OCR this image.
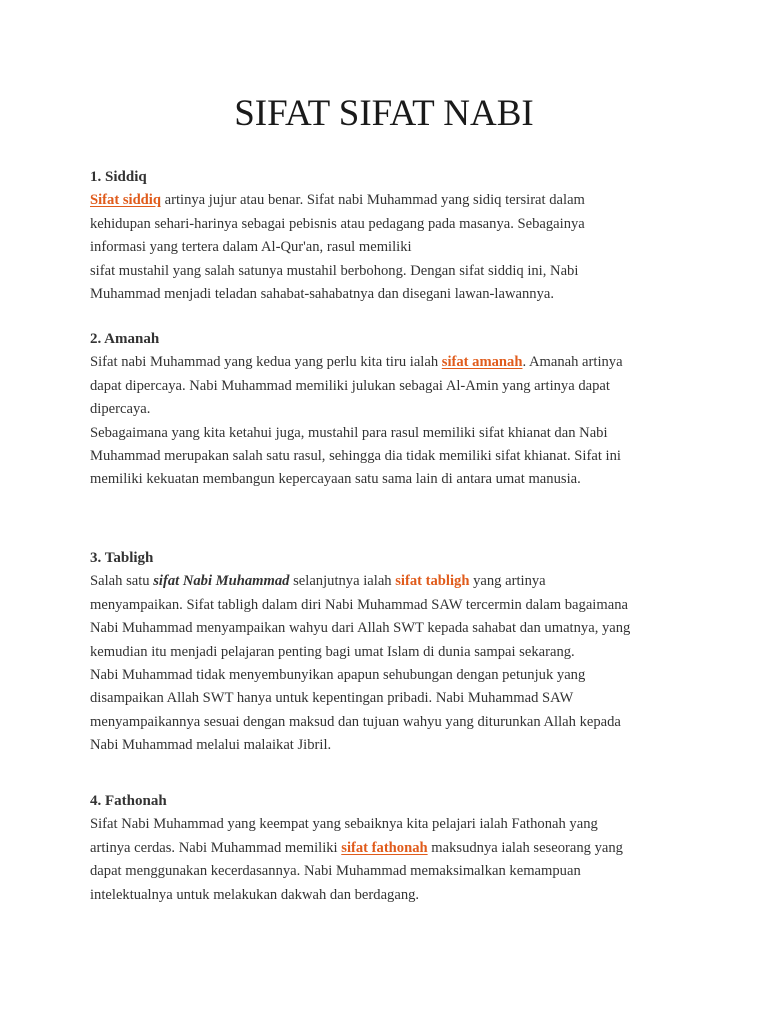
SIFAT SIFAT NABI
1. Siddiq
Sifat siddiq artinya jujur atau benar. Sifat nabi Muhammad yang sidiq tersirat dalam
kehidupan sehari-harinya sebagai pebisnis atau pedagang pada masanya. Sebagainya
informasi yang tertera dalam Al-Qur'an, rasul memiliki
sifat mustahil yang salah satunya mustahil berbohong. Dengan sifat siddiq ini, Nabi
Muhammad menjadi teladan sahabat-sahabatnya dan disegani lawan-lawannya.
2. Amanah
Sifat nabi Muhammad yang kedua yang perlu kita tiru ialah sifat amanah. Amanah artinya
dapat dipercaya. Nabi Muhammad memiliki julukan sebagai Al-Amin yang artinya dapat
dipercaya.
Sebagaimana yang kita ketahui juga, mustahil para rasul memiliki sifat khianat dan Nabi
Muhammad merupakan salah satu rasul, sehingga dia tidak memiliki sifat khianat. Sifat ini
memiliki kekuatan membangun kepercayaan satu sama lain di antara umat manusia.
3. Tabligh
Salah satu sifat Nabi Muhammad selanjutnya ialah sifat tabligh yang artinya
menyampaikan. Sifat tabligh dalam diri Nabi Muhammad SAW tercermin dalam bagaimana
Nabi Muhammad menyampaikan wahyu dari Allah SWT kepada sahabat dan umatnya, yang
kemudian itu menjadi pelajaran penting bagi umat Islam di dunia sampai sekarang.
Nabi Muhammad tidak menyembunyikan apapun sehubungan dengan petunjuk yang
disampaikan Allah SWT hanya untuk kepentingan pribadi. Nabi Muhammad SAW
menyampaikannya sesuai dengan maksud dan tujuan wahyu yang diturunkan Allah kepada
Nabi Muhammad melalui malaikat Jibril.
4. Fathonah
Sifat Nabi Muhammad yang keempat yang sebaiknya kita pelajari ialah Fathonah yang
artinya cerdas. Nabi Muhammad memiliki sifat fathonah maksudnya ialah seseorang yang
dapat menggunakan kecerdasannya. Nabi Muhammad memaksimalkan kemampuan
intelektualnya untuk melakukan dakwah dan berdagang.
